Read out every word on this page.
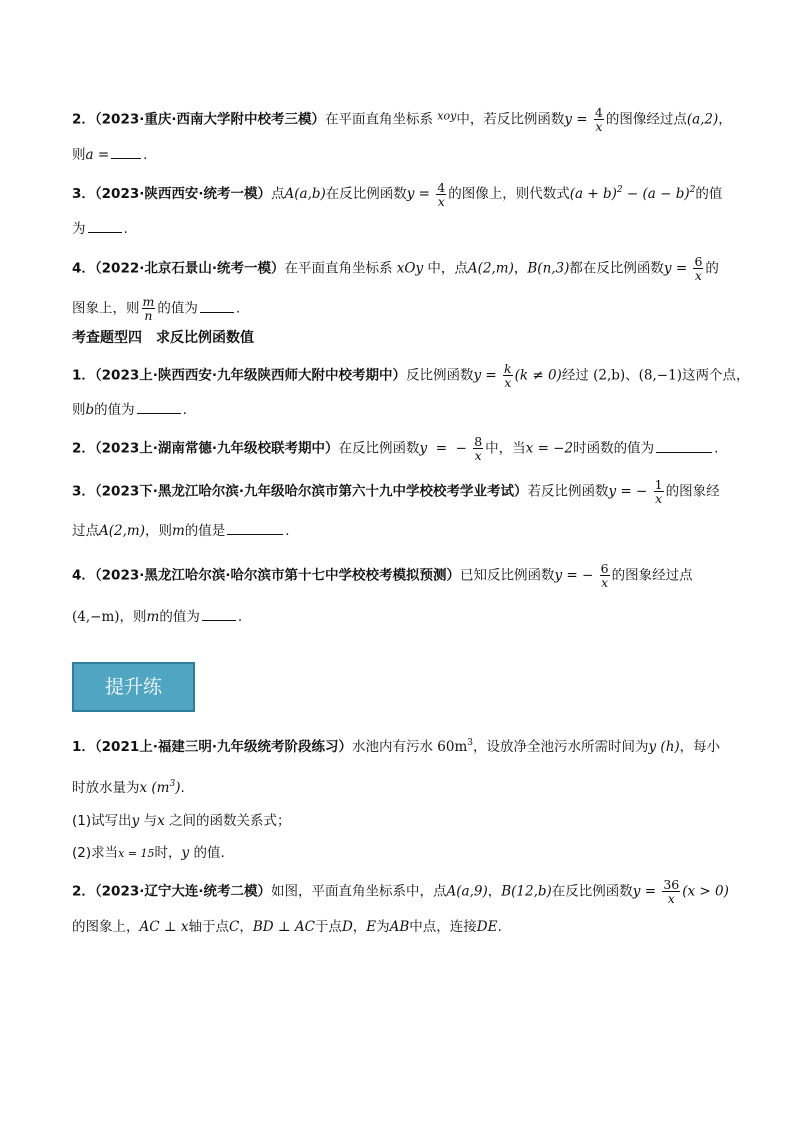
2．（2023·重庆·西南大学附中校考三模）在平面直角坐标系 $^{xoy}$中，若反比例函数$y = \frac{4}{x}$ 的图像经过点(a,2)，
则a =	.
3．（2023·陕西西安·统考一模）点A(a,b)在反比例函数$y = \frac{4}{x}$ 的图像上，则代数式$(a + b)^2 - (a - b)^2$的值
为	.
4．（2022·北京石景山·统考一模）在平面直角坐标系 xOy 中，点A(2,m)，B(n,3)都在反比例函数$y = \frac{6}{x}$ 的
图象上，则 $\frac{m}{n}$ 的值为	.
考查题型四　求反比例函数值
1．（2023上·陕西西安·九年级陕西师大附中校考期中）反比例函数$y = \frac{k}{x} (k \ne 0)$经过 (2,b)、(8,−1)这两个点，
则b的值为	.
2．（2023上·湖南常德·九年级校联考期中）在反比例函数y  =  − $\frac{8}{x}$ 中，当x = −2时函数的值为	.
3．（2023下·黑龙江哈尔滨·九年级哈尔滨市第六十九中学校校考学业考试）若反比例函数y = − $\frac{1}{x}$ 的图象经
过点A(2,m)，则m的值是	.
4．（2023·黑龙江哈尔滨·哈尔滨市第十七中学校校考模拟预测）已知反比例函数y = − $\frac{6}{x}$ 的图象经过点
(4,−m)，则m的值为	.
提升练
1．（2021上·福建三明·九年级统考阶段练习）水池内有污水 $60m^3$，设放净全池污水所需时间为y (h)，每小
时放水量为x $(m^3)$.
(1)试写出y 与x 之间的函数关系式；
(2)求当x = 15时，y 的值.
2．（2023·辽宁大连·统考二模）如图，平面直角坐标系中，点A(a,9)，B(12,b)在反比例函数$y = \frac{36}{x} (x > 0)$
的图象上，AC ⊥ x轴于点C，BD ⊥ AC于点D，E为AB中点，连接DE.
